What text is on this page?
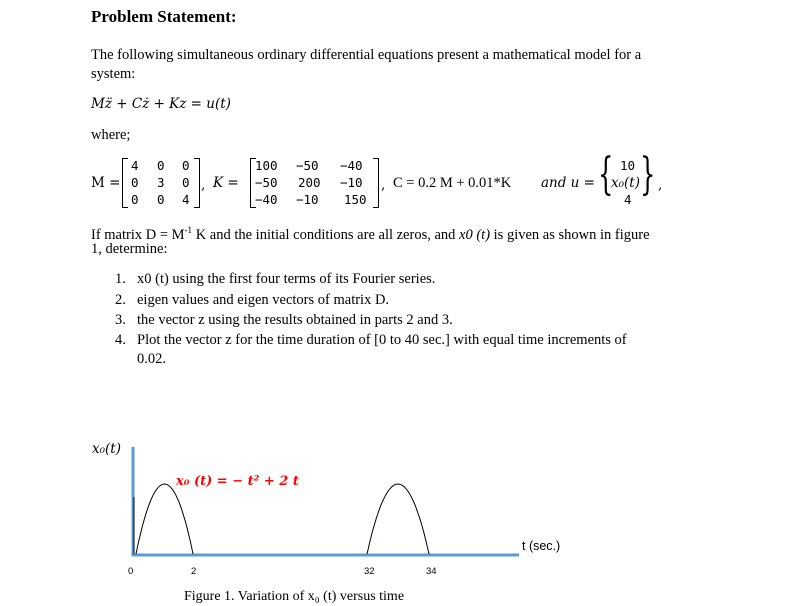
Problem Statement:
The following simultaneous ordinary differential equations present a mathematical model for a
system:
Mz̈ + Cż + Kz = u(t)
where;
M =
4 0 0
0 3 0
0 0 4
, K =
100 −50 −40
−50 200 −10
−40 −10 150
, C = 0.2 M + 0.01*K and u = { }
10
x₀(t)
4
,
If matrix $D = M^{-1}$ K and the initial conditions are all zeros, and x0 (t) is given as shown in figure
1, determine:
1. x0 (t) using the first four terms of its Fourier series.
2. eigen values and eigen vectors of matrix D.
3. the vector z using the results obtained in parts 2 and 3.
4. Plot the vector z for the time duration of [0 to 40 sec.] with equal time increments of
0.02.
x₀(t)
x₀ (t) = − t² + 2 t
t (sec.)
0	2	32	34
Figure 1. Variation of x₀ (t) versus time
